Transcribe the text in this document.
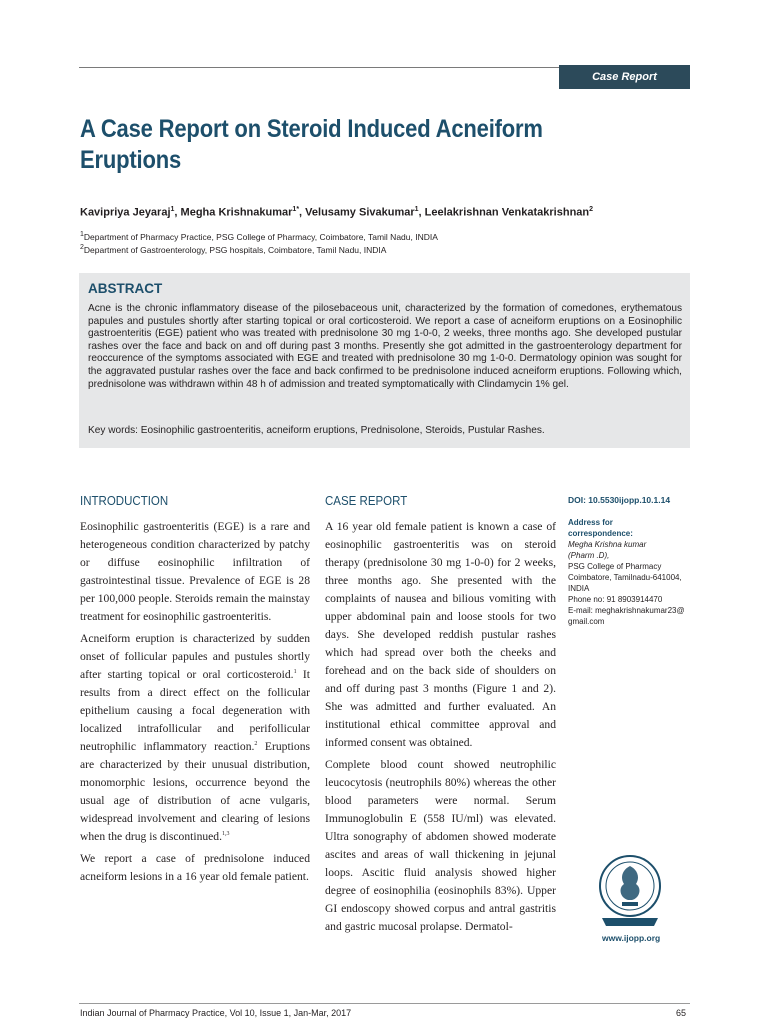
Case Report
A Case Report on Steroid Induced Acneiform Eruptions
Kavipriya Jeyaraj$^1$, Megha Krishnakumar$^{1*}$, Velusamy Sivakumar$^1$, Leelakrishnan Venkatakrishnan$^2$
$^1$Department of Pharmacy Practice, PSG College of Pharmacy, Coimbatore, Tamil Nadu, INDIA
$^2$Department of Gastroenterology, PSG hospitals, Coimbatore, Tamil Nadu, INDIA
ABSTRACT
Acne is the chronic inflammatory disease of the pilosebaceous unit, characterized by the formation of comedones, erythematous papules and pustules shortly after starting topical or oral corticosteroid. We report a case of acneiform eruptions on a Eosinophilic gastroenteritis (EGE) patient who was treated with prednisolone 30 mg 1-0-0, 2 weeks, three months ago. She developed pustular rashes over the face and back on and off during past 3 months. Presently she got admitted in the gastroenterology department for reoccurence of the symptoms associated with EGE and treated with prednisolone 30 mg 1-0-0. Dermatology opinion was sought for the aggravated pustular rashes over the face and back confirmed to be prednisolone induced acneiform eruptions. Following which, prednisolone was withdrawn within 48 h of admission and treated symptomatically with Clindamycin 1% gel.
Key words: Eosinophilic gastroenteritis, acneiform eruptions, Prednisolone, Steroids, Pustular Rashes.
INTRODUCTION

Eosinophilic gastroenteritis (EGE) is a rare and heterogeneous condition characterized by patchy or diffuse eosinophilic infiltration of gastrointestinal tissue. Prevalence of EGE is 28 per 100,000 people. Steroids remain the mainstay treatment for eosinophilic gastroenteritis.

Acneiform eruption is characterized by sudden onset of follicular papules and pustules shortly after starting topical or oral corticosteroid.$^1$ It results from a direct effect on the follicular epithelium causing a focal degeneration with localized intrafollicular and perifollicular neutrophilic inflammatory reaction.$^2$ Eruptions are characterized by their unusual distribution, monomorphic lesions, occurrence beyond the usual age of distribution of acne vulgaris, widespread involvement and clearing of lesions when the drug is discontinued.$^{1,3}$

We report a case of prednisolone induced acneiform lesions in a 16 year old female patient.

CASE REPORT

A 16 year old female patient is known a case of eosinophilic gastroenteritis was on steroid therapy (prednisolone 30 mg 1-0-0) for 2 weeks, three months ago. She presented with the complaints of nausea and bilious vomiting with upper abdominal pain and loose stools for two days. She developed reddish pustular rashes which had spread over both the cheeks and forehead and on the back side of shoulders on and off during past 3 months (Figure 1 and 2). She was admitted and further evaluated. An institutional ethical committee approval and informed consent was obtained.

Complete blood count showed neutrophilic leucocytosis (neutrophils 80%) whereas the other blood parameters were normal. Serum Immunoglobulin E (558 IU/ml) was elevated. Ultra sonography of abdomen showed moderate ascites and areas of wall thickening in jejunal loops. Ascitic fluid analysis showed higher degree of eosinophilia (eosinophils 83%). Upper GI endoscopy showed corpus and antral gastritis and gastric mucosal prolapse. Dermatol-

DOI: 10.5530ijopp.10.1.14
Address for
correspondence:
Megha Krishna kumar
(Pharm .D),
PSG College of Pharmacy
Coimbatore, Tamilnadu-641004,
INDIA
Phone no: 91 8903914470
E-mail: meghakrishnakumar23@
gmail.com
www.ijopp.org
Indian Journal of Pharmacy Practice, Vol 10, Issue 1, Jan-Mar, 2017	65
